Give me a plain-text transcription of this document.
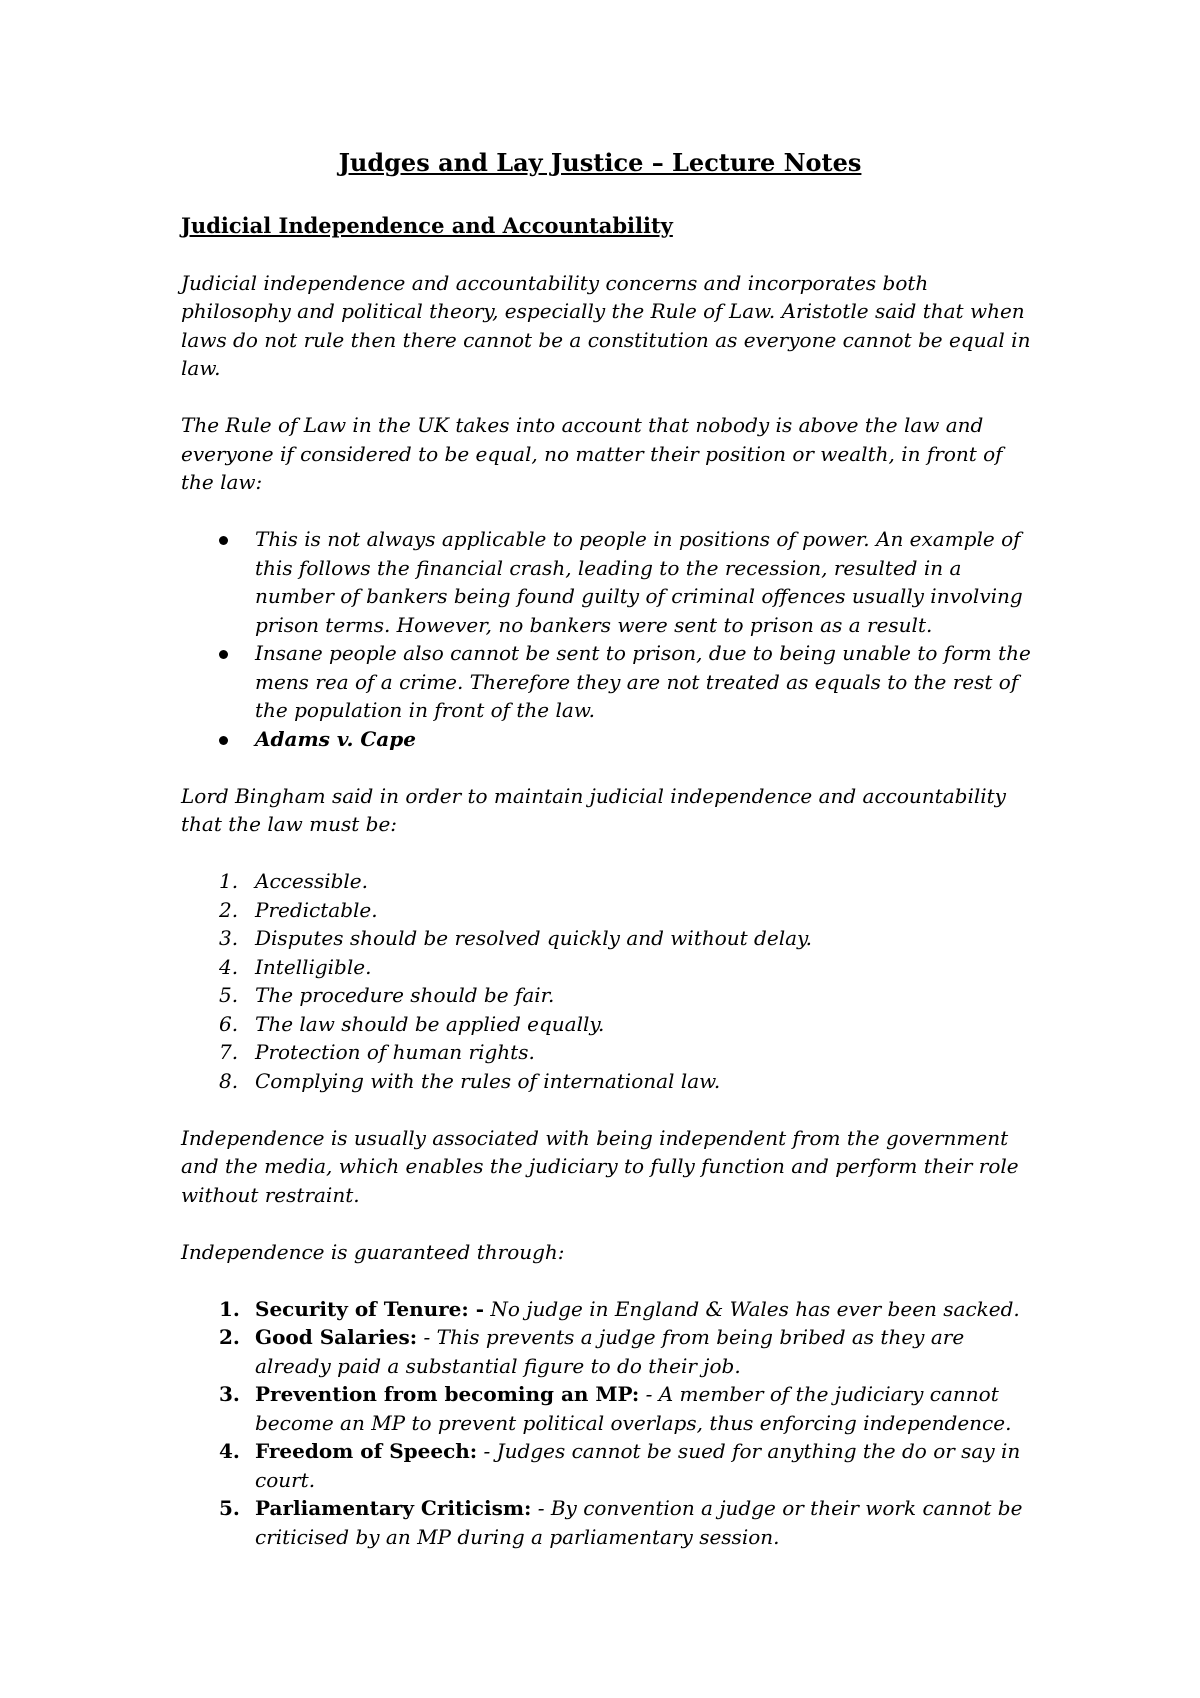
Judges and Lay Justice – Lecture Notes
Judicial Independence and Accountability

Judicial independence and accountability concerns and incorporates both philosophy and political theory, especially the Rule of Law. Aristotle said that when laws do not rule then there cannot be a constitution as everyone cannot be equal in law.

The Rule of Law in the UK takes into account that nobody is above the law and everyone if considered to be equal, no matter their position or wealth, in front of the law:

This is not always applicable to people in positions of power. An example of this follows the financial crash, leading to the recession, resulted in a number of bankers being found guilty of criminal offences usually involving prison terms. However, no bankers were sent to prison as a result.
Insane people also cannot be sent to prison, due to being unable to form the mens rea of a crime. Therefore they are not treated as equals to the rest of the population in front of the law.
Adams v. Cape

Lord Bingham said in order to maintain judicial independence and accountability that the law must be:

1. Accessible.
2. Predictable.
3. Disputes should be resolved quickly and without delay.
4. Intelligible.
5. The procedure should be fair.
6. The law should be applied equally.
7. Protection of human rights.
8. Complying with the rules of international law.

Independence is usually associated with being independent from the government and the media, which enables the judiciary to fully function and perform their role without restraint.

Independence is guaranteed through:

1. Security of Tenure: - No judge in England & Wales has ever been sacked.
2. Good Salaries: - This prevents a judge from being bribed as they are already paid a substantial figure to do their job.
3. Prevention from becoming an MP: - A member of the judiciary cannot become an MP to prevent political overlaps, thus enforcing independence.
4. Freedom of Speech: - Judges cannot be sued for anything the do or say in court.
5. Parliamentary Criticism: - By convention a judge or their work cannot be criticised by an MP during a parliamentary session.
